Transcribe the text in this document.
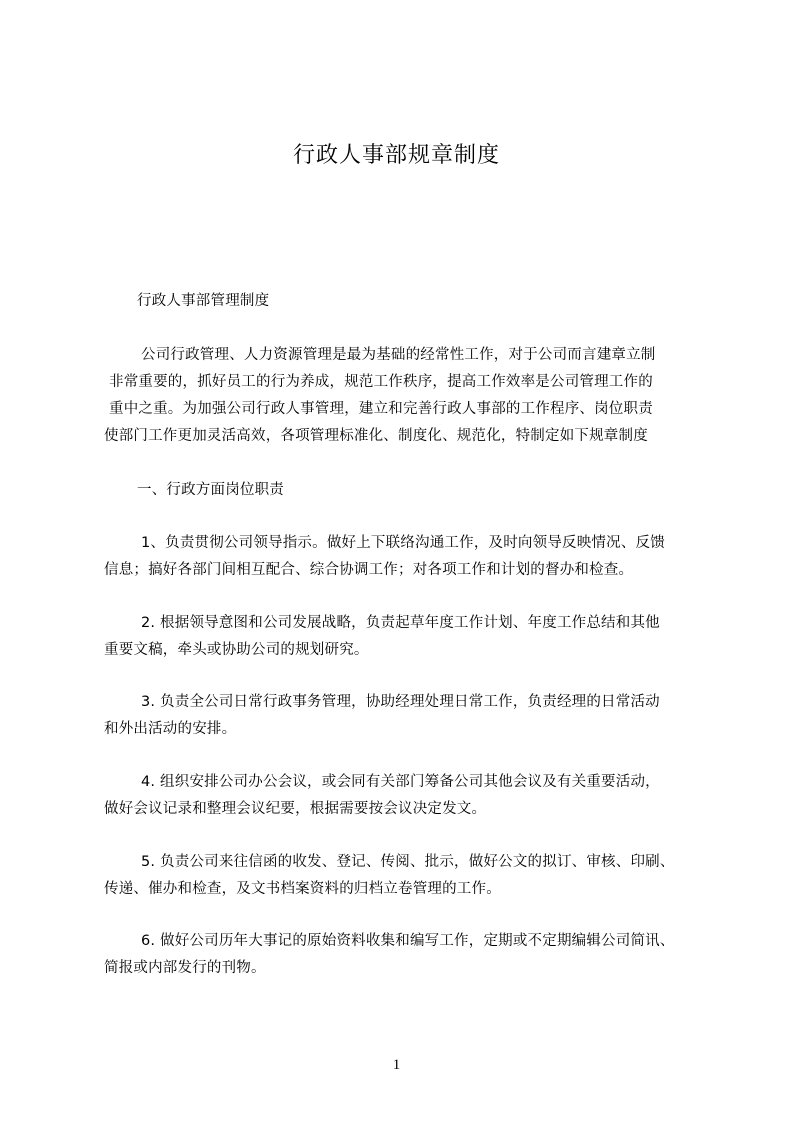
行政人事部规章制度

行政人事部管理制度

公司行政管理、人力资源管理是最为基础的经常性工作，对于公司而言建章立制

非常重要的，抓好员工的行为养成，规范工作秩序，提高工作效率是公司管理工作的

重中之重。为加强公司行政人事管理，建立和完善行政人事部的工作程序、岗位职责

使部门工作更加灵活高效，各项管理标准化、制度化、规范化，特制定如下规章制度

一、行政方面岗位职责

1、负责贯彻公司领导指示。做好上下联络沟通工作，及时向领导反映情况、反馈

信息；搞好各部门间相互配合、综合协调工作；对各项工作和计划的督办和检查。

2. 根据领导意图和公司发展战略，负责起草年度工作计划、年度工作总结和其他

重要文稿，牵头或协助公司的规划研究。

3. 负责全公司日常行政事务管理，协助经理处理日常工作，负责经理的日常活动

和外出活动的安排。

4. 组织安排公司办公会议，或会同有关部门筹备公司其他会议及有关重要活动，

做好会议记录和整理会议纪要，根据需要按会议决定发文。

5. 负责公司来往信函的收发、登记、传阅、批示，做好公文的拟订、审核、印刷、

传递、催办和检查，及文书档案资料的归档立卷管理的工作。

6. 做好公司历年大事记的原始资料收集和编写工作，定期或不定期编辑公司简讯、

简报或内部发行的刊物。

1
